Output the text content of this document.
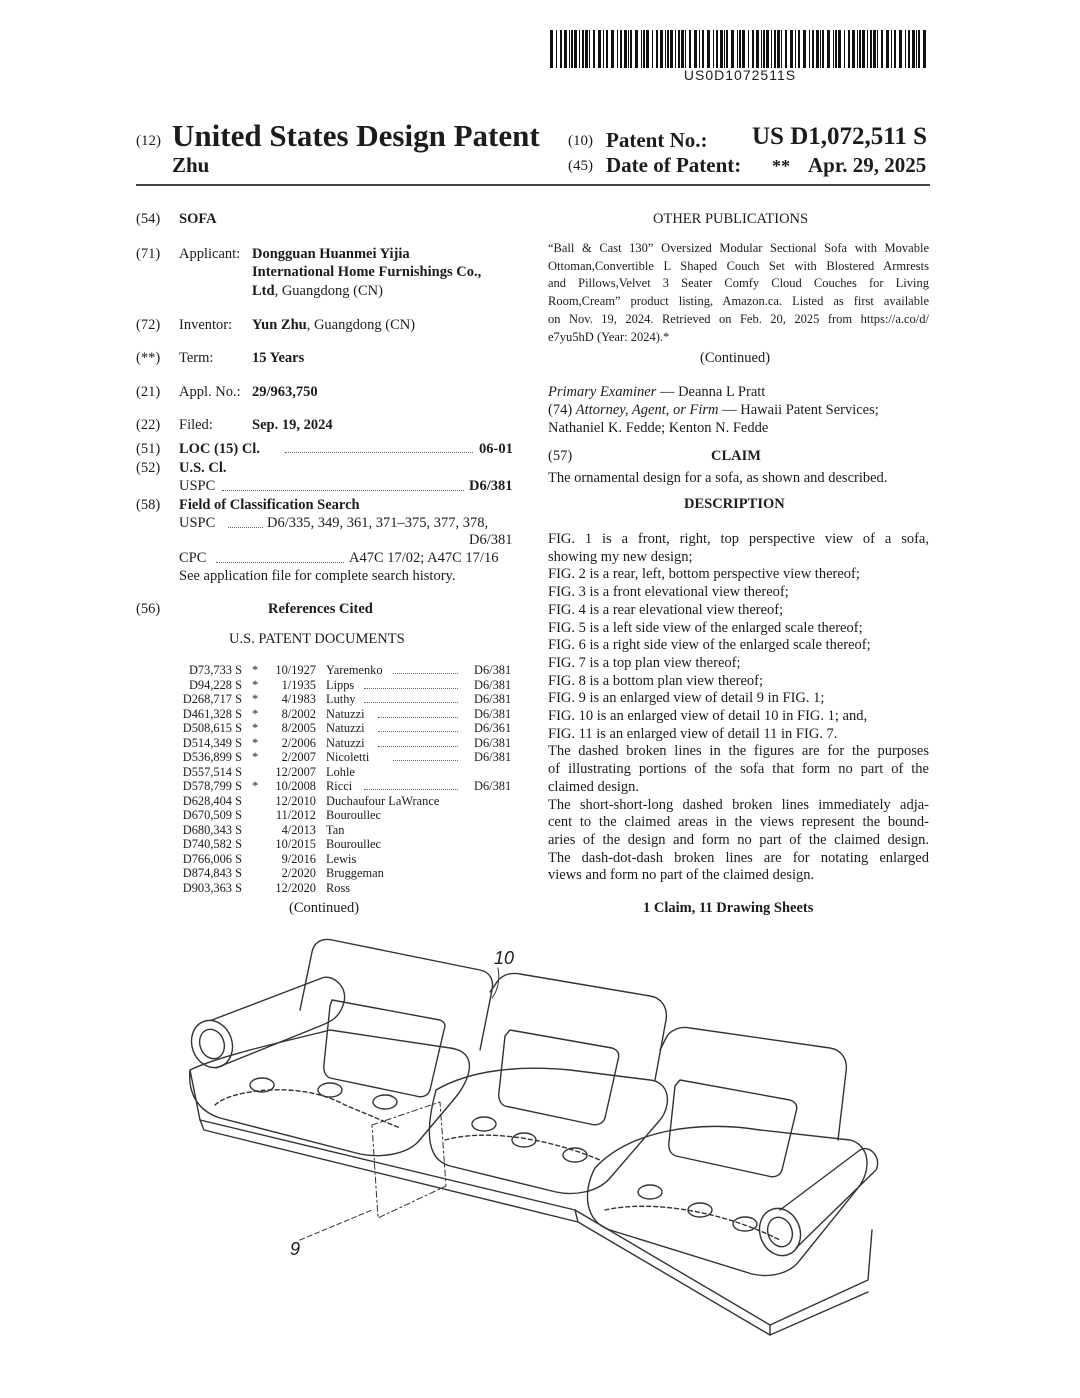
US0D1072511S
(12) United States Design Patent
Zhu
(10) Patent No.: US D1,072,511 S
(45) Date of Patent: ** Apr. 29, 2025
(54) SOFA
(71) Applicant: Dongguan Huanmei Yijia
International Home Furnishings Co.,
Ltd, Guangdong (CN)
(72) Inventor: Yun Zhu, Guangdong (CN)
(**) Term:	15 Years
(21) Appl. No.: 29/963,750
(22) Filed:	Sep. 19, 2024
(51) LOC (15) Cl.	06-01
(52) U.S. Cl.
USPC	D6/381
(58) Field of Classification Search
USPC	D6/335, 349, 361, 371–375, 377, 378,
D6/381
CPC	A47C 17/02; A47C 17/16
See application file for complete search history.
(56)	References Cited
U.S. PATENT DOCUMENTS
D73,733 S *	10/1927 Yaremenko	D6/381
D94,228 S *	1/1935 Lipps	D6/381
D268,717 S *	4/1983 Luthy	D6/381
D461,328 S *	8/2002 Natuzzi	D6/381
D508,615 S *	8/2005 Natuzzi	D6/361
D514,349 S *	2/2006 Natuzzi	D6/381
D536,899 S *	2/2007 Nicoletti	D6/381
D557,514 S	12/2007 Lohle
D578,799 S *	10/2008 Ricci	D6/381
D628,404 S	12/2010 Duchaufour LaWrance
D670,509 S	11/2012 Bouroullec
D680,343 S	4/2013 Tan
D740,582 S	10/2015 Bouroullec
D766,006 S	9/2016 Lewis
D874,843 S	2/2020 Bruggeman
D903,363 S	12/2020 Ross
(Continued)
OTHER PUBLICATIONS
“Ball & Cast 130” Oversized Modular Sectional Sofa with Movable
Ottoman,Convertible L Shaped Couch Set with Blostered Armrests
and Pillows,Velvet 3 Seater Comfy Cloud Couches for Living
Room,Cream” product listing, Amazon.ca. Listed as first available
on Nov. 19, 2024. Retrieved on Feb. 20, 2025 from https://a.co/d/
e7yu5hD (Year: 2024).*
(Continued)
Primary Examiner — Deanna L Pratt
(74) Attorney, Agent, or Firm — Hawaii Patent Services;
Nathaniel K. Fedde; Kenton N. Fedde
(57)	CLAIM
The ornamental design for a sofa, as shown and described.
DESCRIPTION

FIG. 1 is a front, right, top perspective view of a sofa,

showing my new design;

FIG. 2 is a rear, left, bottom perspective view thereof;

FIG. 3 is a front elevational view thereof;

FIG. 4 is a rear elevational view thereof;

FIG. 5 is a left side view of the enlarged scale thereof;

FIG. 6 is a right side view of the enlarged scale thereof;

FIG. 7 is a top plan view thereof;

FIG. 8 is a bottom plan view thereof;

FIG. 9 is an enlarged view of detail 9 in FIG. 1;

FIG. 10 is an enlarged view of detail 10 in FIG. 1; and,

FIG. 11 is an enlarged view of detail 11 in FIG. 7.

The dashed broken lines in the figures are for the purposes

of illustrating portions of the sofa that form no part of the

claimed design.

The short-short-long dashed broken lines immediately adja-

cent to the claimed areas in the views represent the bound-

aries of the design and form no part of the claimed design.

The dash-dot-dash broken lines are for notating enlarged

views and form no part of the claimed design.

1 Claim, 11 Drawing Sheets
10
9
